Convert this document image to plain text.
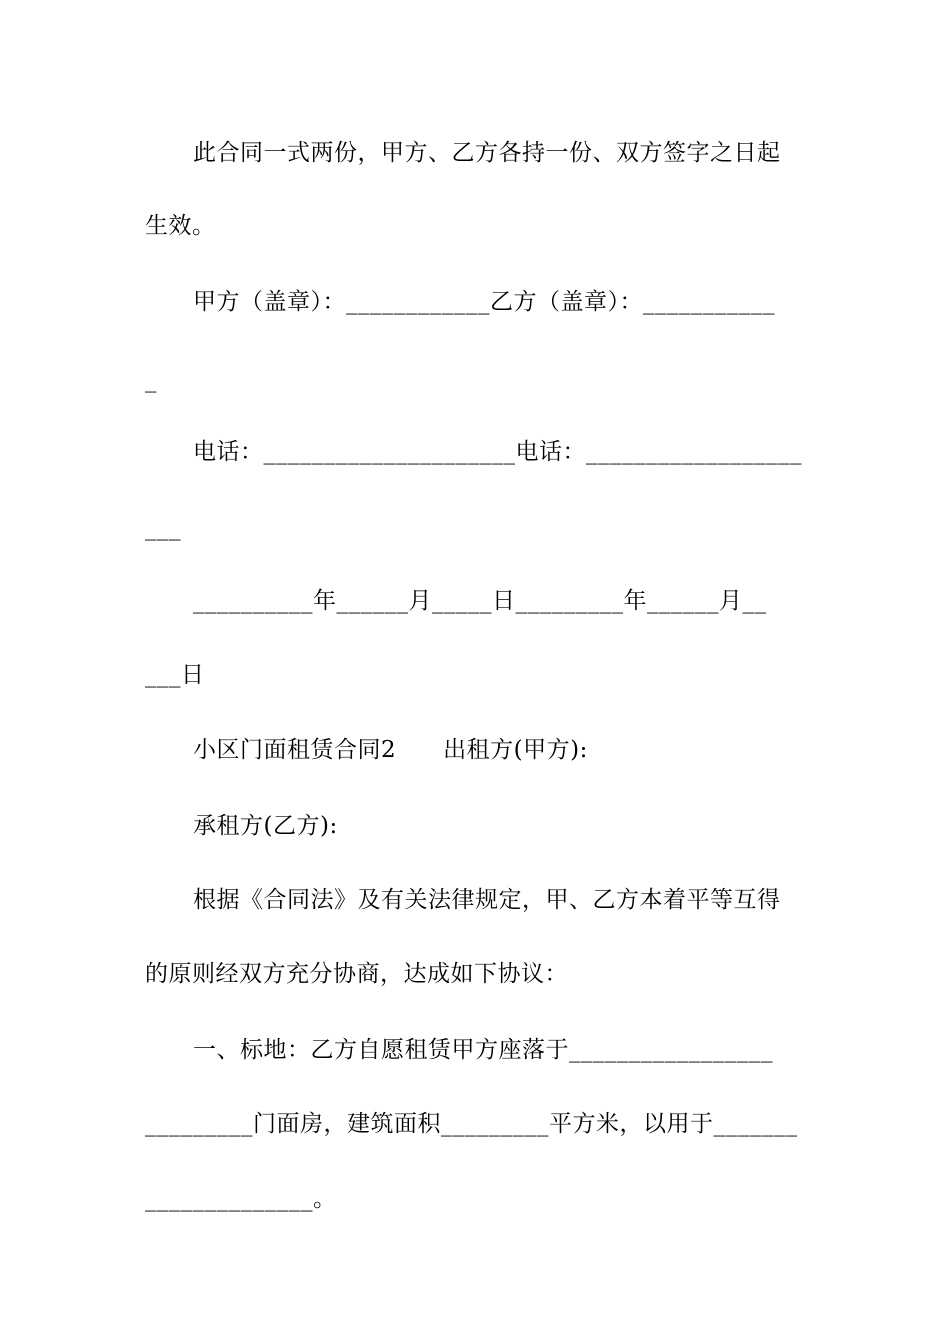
此合同一式两份，甲方、乙方各持一份、双方签字之日起
生效。
甲方（盖章）：____________乙方（盖章）：___________
_
电话：_____________________电话：__________________
___
__________年______月_____日_________年______月__
___日
小区门面租赁合同2　　出租方(甲方):
承租方(乙方):
根据《合同法》及有关法律规定，甲、乙方本着平等互得
的原则经双方充分协商，达成如下协议：
一、标地：乙方自愿租赁甲方座落于_________________
_________门面房，建筑面积_________平方米，以用于_______
______________。
